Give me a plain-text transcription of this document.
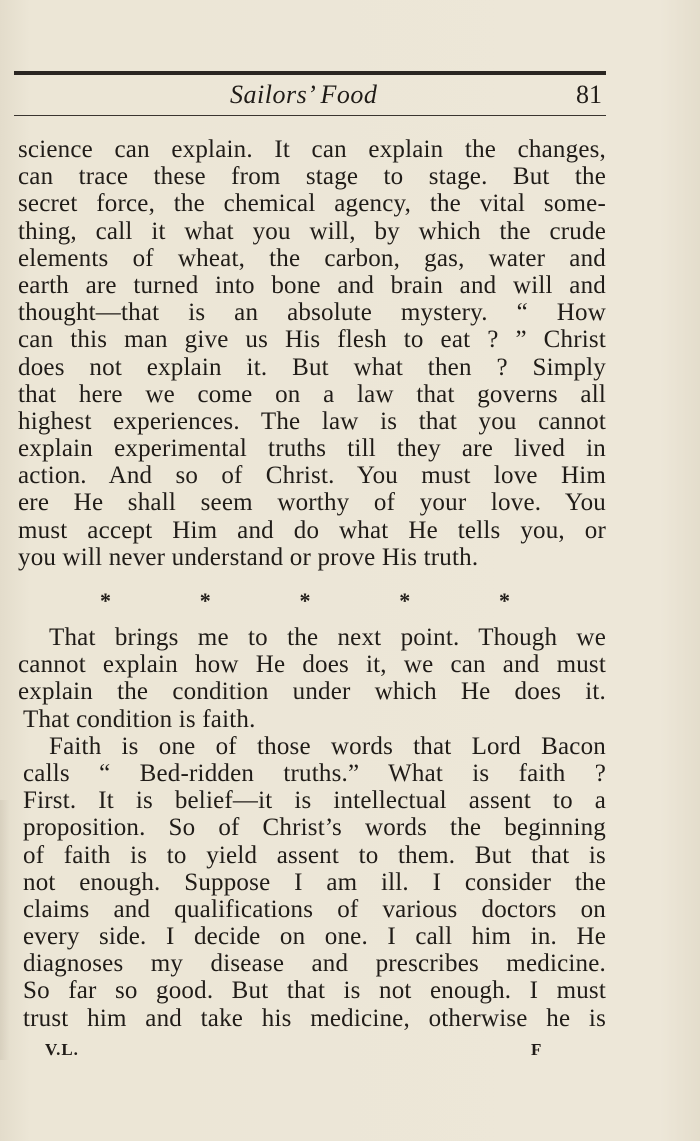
Sailors’ Food	81
science can explain. It can explain the changes,
can trace these from stage to stage. But the
secret force, the chemical agency, the vital some-
thing, call it what you will, by which the crude
elements of wheat, the carbon, gas, water and
earth are turned into bone and brain and will and
thought—that is an absolute mystery. “ How
can this man give us His flesh to eat ? ” Christ
does not explain it. But what then ? Simply
that here we come on a law that governs all
highest experiences. The law is that you cannot
explain experimental truths till they are lived in
action. And so of Christ. You must love Him
ere He shall seem worthy of your love. You
must accept Him and do what He tells you, or
you will never understand or prove His truth.
*	*	*	*	*
That brings me to the next point. Though we
cannot explain how He does it, we can and must
explain the condition under which He does it.
That condition is faith.
Faith is one of those words that Lord Bacon
calls “ Bed-ridden truths.” What is faith ?
First. It is belief—it is intellectual assent to a
proposition. So of Christ’s words the beginning
of faith is to yield assent to them. But that is
not enough. Suppose I am ill. I consider the
claims and qualifications of various doctors on
every side. I decide on one. I call him in. He
diagnoses my disease and prescribes medicine.
So far so good. But that is not enough. I must
trust him and take his medicine, otherwise he is
V.L.	F
